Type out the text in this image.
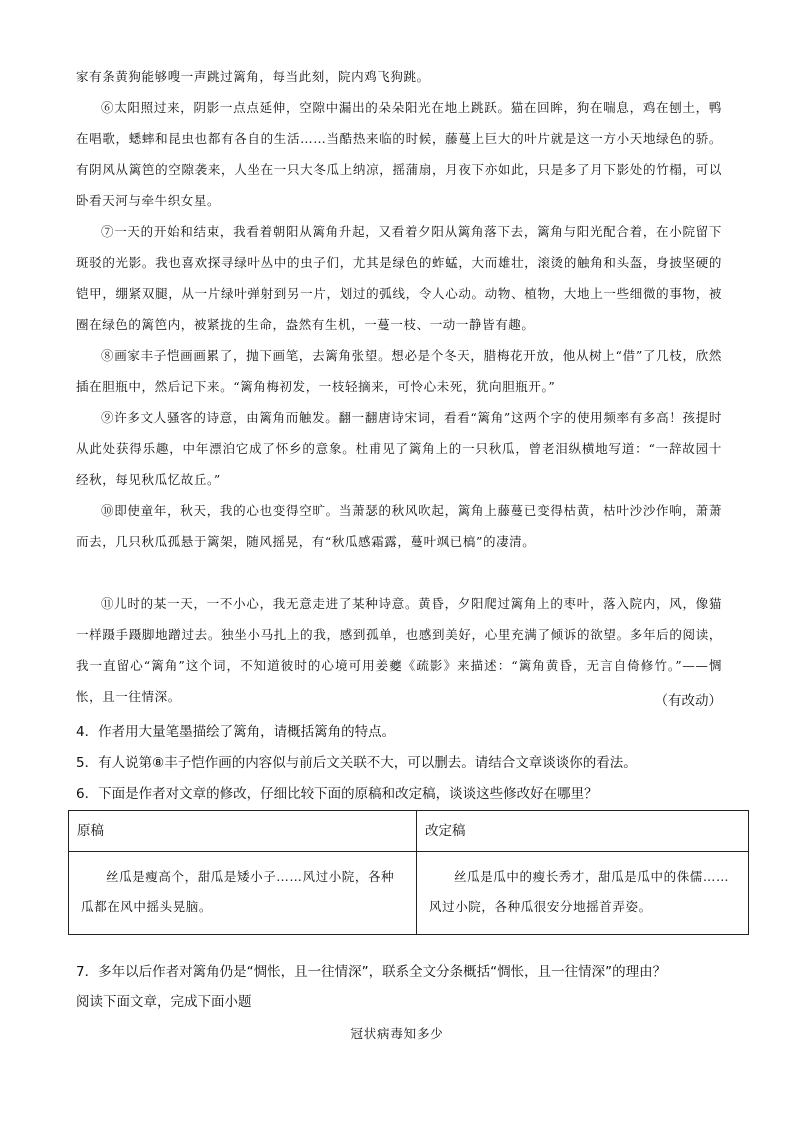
家有条黄狗能够嗖一声跳过篱角，每当此刻，院内鸡飞狗跳。

⑥太阳照过来，阴影一点点延伸，空隙中漏出的朵朵阳光在地上跳跃。猫在回眸，狗在喘息，鸡在刨土，鸭在唱歌，蟋蟀和昆虫也都有各自的生活……当酷热来临的时候，藤蔓上巨大的叶片就是这一方小天地绿色的骄。有阴风从篱笆的空隙袭来，人坐在一只大冬瓜上纳凉，摇蒲扇，月夜下亦如此，只是多了月下影处的竹榻，可以卧看天河与牵牛织女星。

⑦一天的开始和结束，我看着朝阳从篱角升起，又看着夕阳从篱角落下去，篱角与阳光配合着，在小院留下斑驳的光影。我也喜欢探寻绿叶丛中的虫子们，尤其是绿色的蚱蜢，大而雄壮，滚烫的触角和头盔，身披坚硬的铠甲，绷紧双腿，从一片绿叶弹射到另一片，划过的弧线，令人心动。动物、植物，大地上一些细微的事物，被圈在绿色的篱笆内，被紧拢的生命，盎然有生机，一蔓一枝、一动一静皆有趣。

⑧画家丰子恺画画累了，抛下画笔，去篱角张望。想必是个冬天，腊梅花开放，他从树上“借”了几枝，欣然插在胆瓶中，然后记下来。“篱角梅初发，一枝轻摘来，可怜心未死，犹向胆瓶开。”

⑨许多文人骚客的诗意，由篱角而触发。翻一翻唐诗宋词，看看“篱角”这两个字的使用频率有多高！孩提时从此处获得乐趣，中年漂泊它成了怀乡的意象。杜甫见了篱角上的一只秋瓜，曾老泪纵横地写道：“一辞故园十经秋，每见秋瓜忆故丘。”

⑩即使童年，秋天，我的心也变得空旷。当萧瑟的秋风吹起，篱角上藤蔓已变得枯黄，枯叶沙沙作响，萧萧而去，几只秋瓜孤悬于篱架，随风摇晃，有“秋瓜感霜露，蔓叶飒已槁”的凄清。

⑪儿时的某一天，一不小心，我无意走进了某种诗意。黄昏，夕阳爬过篱角上的枣叶，落入院内，风，像猫一样蹑手蹑脚地蹭过去。独坐小马扎上的我，感到孤单，也感到美好，心里充满了倾诉的欲望。多年后的阅读，我一直留心“篱角”这个词，不知道彼时的心境可用姜夔《疏影》来描述：“篱角黄昏，无言自倚修竹。”——惆怅，且一往情深。	（有改动）

4．作者用大量笔墨描绘了篱角，请概括篱角的特点。

5．有人说第⑧丰子恺作画的内容似与前后文关联不大，可以删去。请结合文章谈谈你的看法。

6．下面是作者对文章的修改，仔细比较下面的原稿和改定稿，谈谈这些修改好在哪里？

原稿	改定稿
丝瓜是瘦高个，甜瓜是矮小子……风过小院，各种瓜都在风中摇头晃脑。	丝瓜是瓜中的瘦长秀才，甜瓜是瓜中的侏儒……风过小院，各种瓜很安分地摇首弄姿。

7．多年以后作者对篱角仍是“惆怅，且一往情深”，联系全文分条概括“惆怅，且一往情深”的理由？

阅读下面文章，完成下面小题

冠状病毒知多少
